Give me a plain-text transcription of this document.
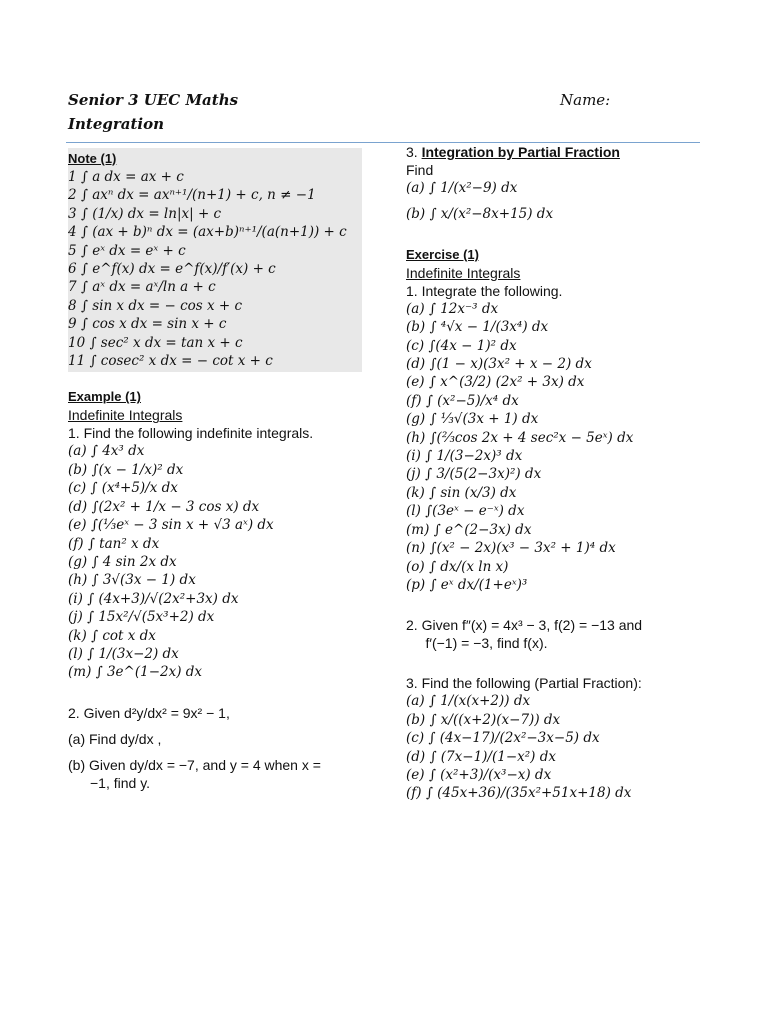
Senior 3 UEC Maths
Integration
Name:
Note (1)
1 ∫ a dx = ax + c
2 ∫ axⁿ dx = axⁿ⁺¹/(n+1) + c, n ≠ −1
3 ∫ (1/x) dx = ln|x| + c
4 ∫ (ax + b)ⁿ dx = (ax+b)ⁿ⁺¹/(a(n+1)) + c
5 ∫ eˣ dx = eˣ + c
6 ∫ e^f(x) dx = e^f(x)/f′(x) + c
7 ∫ aˣ dx = aˣ/ln a + c
8 ∫ sin x dx = − cos x + c
9 ∫ cos x dx = sin x + c
10 ∫ sec² x dx = tan x + c
11 ∫ cosec² x dx = − cot x + c
Example (1)
Indefinite Integrals
1. Find the following indefinite integrals.
(a) ∫ 4x³ dx
(b) ∫(x − 1/x)² dx
(c) ∫ (x⁴+5)/x dx
(d) ∫(2x² + 1/x − 3 cos x) dx
(e) ∫(⅓eˣ − 3 sin x + √3 aˣ) dx
(f) ∫ tan² x dx
(g) ∫ 4 sin 2x dx
(h) ∫ 3√(3x − 1) dx
(i) ∫ (4x+3)/√(2x²+3x) dx
(j) ∫ 15x²/√(5x³+2) dx
(k) ∫ cot x dx
(l) ∫ 1/(3x−2) dx
(m) ∫ 3e^(1−2x) dx
2. Given d²y/dx² = 9x² − 1,
(a) Find dy/dx ,
(b) Given dy/dx = −7, and y = 4 when x =
−1, find y.
3. Integration by Partial Fraction
Find
(a) ∫ 1/(x²−9) dx
(b) ∫ x/(x²−8x+15) dx
Exercise (1)
Indefinite Integrals
1. Integrate the following.
(a) ∫ 12x⁻³ dx
(b) ∫ ⁴√x − 1/(3x⁴) dx
(c) ∫(4x − 1)² dx
(d) ∫(1 − x)(3x² + x − 2) dx
(e) ∫ x^(3/2) (2x² + 3x) dx
(f) ∫ (x²−5)/x⁴ dx
(g) ∫ ⅓√(3x + 1) dx
(h) ∫(⅔cos 2x + 4 sec²x − 5eˣ) dx
(i) ∫ 1/(3−2x)³ dx
(j) ∫ 3/(5(2−3x)²) dx
(k) ∫ sin (x/3) dx
(l) ∫(3eˣ − e⁻ˣ) dx
(m) ∫ e^(2−3x) dx
(n) ∫(x² − 2x)(x³ − 3x² + 1)⁴ dx
(o) ∫ dx/(x ln x)
(p) ∫ eˣ dx/(1+eˣ)³
2. Given f″(x) = 4x³ − 3, f(2) = −13 and
f′(−1) = −3, find f(x).
3. Find the following (Partial Fraction):
(a) ∫ 1/(x(x+2)) dx
(b) ∫ x/((x+2)(x−7)) dx
(c) ∫ (4x−17)/(2x²−3x−5) dx
(d) ∫ (7x−1)/(1−x²) dx
(e) ∫ (x²+3)/(x³−x) dx
(f) ∫ (45x+36)/(35x²+51x+18) dx
